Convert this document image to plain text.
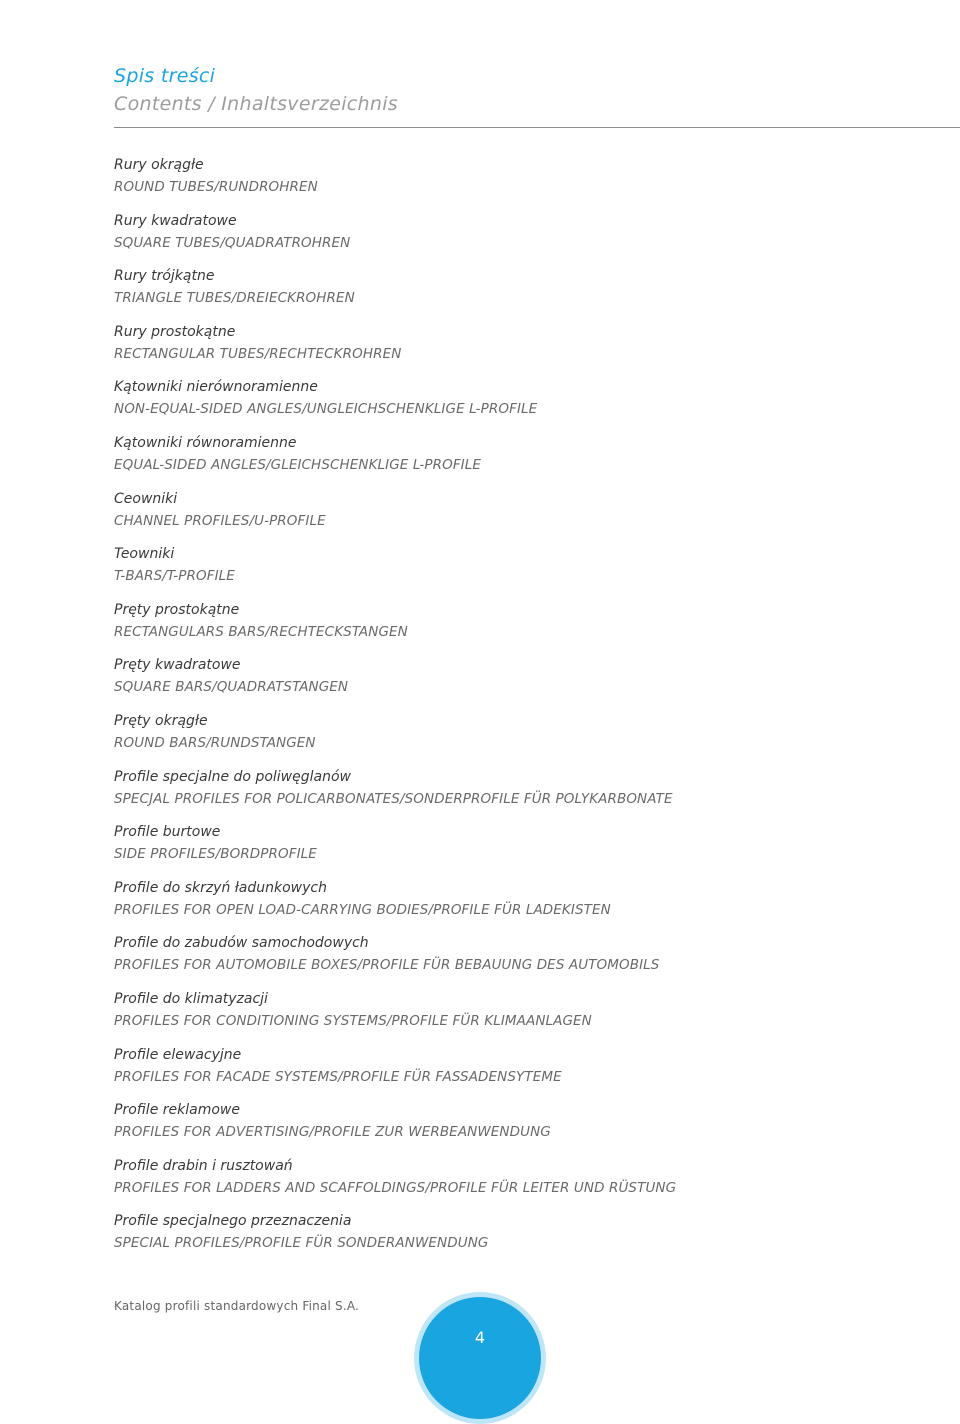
Spis treści
Contents / Inhaltsverzeichnis
Rury okrągłe
ROUND TUBES/RUNDROHREN
Rury kwadratowe
SQUARE TUBES/QUADRATROHREN
Rury trójkątne
TRIANGLE TUBES/DREIECKROHREN
Rury prostokątne
RECTANGULAR TUBES/RECHTECKROHREN
Kątowniki nierównoramienne
NON-EQUAL-SIDED ANGLES/UNGLEICHSCHENKLIGE L-PROFILE
Kątowniki równoramienne
EQUAL-SIDED ANGLES/GLEICHSCHENKLIGE L-PROFILE
Ceowniki
CHANNEL PROFILES/U-PROFILE
Teowniki
T-BARS/T-PROFILE
Pręty prostokątne
RECTANGULARS BARS/RECHTECKSTANGEN
Pręty kwadratowe
SQUARE BARS/QUADRATSTANGEN
Pręty okrągłe
ROUND BARS/RUNDSTANGEN
Profile specjalne do poliwęglanów
SPECJAL PROFILES FOR POLICARBONATES/SONDERPROFILE FÜR POLYKARBONATE
Profile burtowe
SIDE PROFILES/BORDPROFILE
Profile do skrzyń ładunkowych
PROFILES FOR OPEN LOAD-CARRYING BODIES/PROFILE FÜR LADEKISTEN
Profile do zabudów samochodowych
PROFILES FOR AUTOMOBILE BOXES/PROFILE FÜR BEBAUUNG DES AUTOMOBILS
Profile do klimatyzacji
PROFILES FOR CONDITIONING SYSTEMS/PROFILE FÜR KLIMAANLAGEN
Profile elewacyjne
PROFILES FOR FACADE SYSTEMS/PROFILE FÜR FASSADENSYTEME
Profile reklamowe
PROFILES FOR ADVERTISING/PROFILE ZUR WERBEANWENDUNG
Profile drabin i rusztowań
PROFILES FOR LADDERS AND SCAFFOLDINGS/PROFILE FÜR LEITER UND RÜSTUNG
Profile specjalnego przeznaczenia
SPECIAL PROFILES/PROFILE FÜR SONDERANWENDUNG
Katalog profili standardowych Final S.A.
4
